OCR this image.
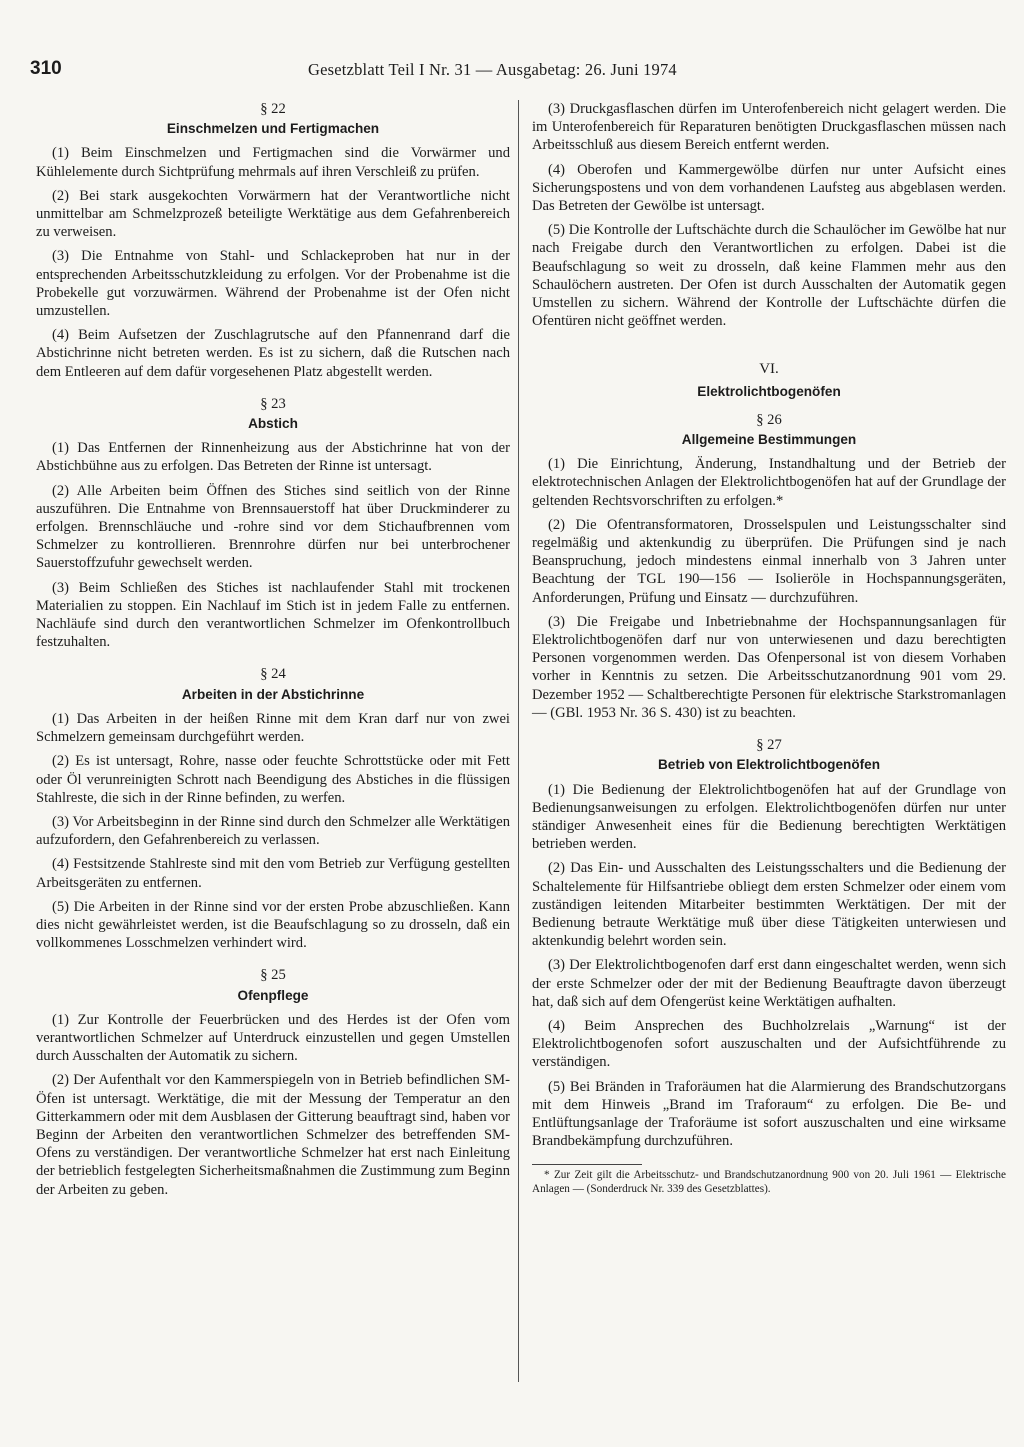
310	Gesetzblatt Teil I Nr. 31 — Ausgabetag: 26. Juni 1974

§ 22

Einschmelzen und Fertigmachen

(1) Beim Einschmelzen und Fertigmachen sind die Vorwärmer und Kühlelemente durch Sichtprüfung mehrmals auf ihren Verschleiß zu prüfen.

(2) Bei stark ausgekochten Vorwärmern hat der Verantwortliche nicht unmittelbar am Schmelzprozeß beteiligte Werktätige aus dem Gefahrenbereich zu verweisen.

(3) Die Entnahme von Stahl- und Schlackeproben hat nur in der entsprechenden Arbeitsschutzkleidung zu erfolgen. Vor der Probenahme ist die Probekelle gut vorzuwärmen. Während der Probenahme ist der Ofen nicht umzustellen.

(4) Beim Aufsetzen der Zuschlagrutsche auf den Pfannenrand darf die Abstichrinne nicht betreten werden. Es ist zu sichern, daß die Rutschen nach dem Entleeren auf dem dafür vorgesehenen Platz abgestellt werden.

§ 23

Abstich

(1) Das Entfernen der Rinnenheizung aus der Abstichrinne hat von der Abstichbühne aus zu erfolgen. Das Betreten der Rinne ist untersagt.

(2) Alle Arbeiten beim Öffnen des Stiches sind seitlich von der Rinne auszuführen. Die Entnahme von Brennsauerstoff hat über Druckminderer zu erfolgen. Brennschläuche und -rohre sind vor dem Stichaufbrennen vom Schmelzer zu kontrollieren. Brennrohre dürfen nur bei unterbrochener Sauerstoffzufuhr gewechselt werden.

(3) Beim Schließen des Stiches ist nachlaufender Stahl mit trockenen Materialien zu stoppen. Ein Nachlauf im Stich ist in jedem Falle zu entfernen. Nachläufe sind durch den verantwortlichen Schmelzer im Ofenkontrollbuch festzuhalten.

§ 24

Arbeiten in der Abstichrinne

(1) Das Arbeiten in der heißen Rinne mit dem Kran darf nur von zwei Schmelzern gemeinsam durchgeführt werden.

(2) Es ist untersagt, Rohre, nasse oder feuchte Schrottstücke oder mit Fett oder Öl verunreinigten Schrott nach Beendigung des Abstiches in die flüssigen Stahlreste, die sich in der Rinne befinden, zu werfen.

(3) Vor Arbeitsbeginn in der Rinne sind durch den Schmelzer alle Werktätigen aufzufordern, den Gefahrenbereich zu verlassen.

(4) Festsitzende Stahlreste sind mit den vom Betrieb zur Verfügung gestellten Arbeitsgeräten zu entfernen.

(5) Die Arbeiten in der Rinne sind vor der ersten Probe abzuschließen. Kann dies nicht gewährleistet werden, ist die Beaufschlagung so zu drosseln, daß ein vollkommenes Losschmelzen verhindert wird.

§ 25

Ofenpflege

(1) Zur Kontrolle der Feuerbrücken und des Herdes ist der Ofen vom verantwortlichen Schmelzer auf Unterdruck einzustellen und gegen Umstellen durch Ausschalten der Automatik zu sichern.

(2) Der Aufenthalt vor den Kammerspiegeln von in Betrieb befindlichen SM-Öfen ist untersagt. Werktätige, die mit der Messung der Temperatur an den Gitterkammern oder mit dem Ausblasen der Gitterung beauftragt sind, haben vor Beginn der Arbeiten den verantwortlichen Schmelzer des betreffenden SM-Ofens zu verständigen. Der verantwortliche Schmelzer hat erst nach Einleitung der betrieblich festgelegten Sicherheitsmaßnahmen die Zustimmung zum Beginn der Arbeiten zu geben.

(3) Druckgasflaschen dürfen im Unterofenbereich nicht gelagert werden. Die im Unterofenbereich für Reparaturen benötigten Druckgasflaschen müssen nach Arbeitsschluß aus diesem Bereich entfernt werden.

(4) Oberofen und Kammergewölbe dürfen nur unter Aufsicht eines Sicherungspostens und von dem vorhandenen Laufsteg aus abgeblasen werden. Das Betreten der Gewölbe ist untersagt.

(5) Die Kontrolle der Luftschächte durch die Schaulöcher im Gewölbe hat nur nach Freigabe durch den Verantwortlichen zu erfolgen. Dabei ist die Beaufschlagung so weit zu drosseln, daß keine Flammen mehr aus den Schaulöchern austreten. Der Ofen ist durch Ausschalten der Automatik gegen Umstellen zu sichern. Während der Kontrolle der Luftschächte dürfen die Ofentüren nicht geöffnet werden.

VI.

Elektrolichtbogenöfen

§ 26

Allgemeine Bestimmungen

(1) Die Einrichtung, Änderung, Instandhaltung und der Betrieb der elektrotechnischen Anlagen der Elektrolichtbogenöfen hat auf der Grundlage der geltenden Rechtsvorschriften zu erfolgen.*

(2) Die Ofentransformatoren, Drosselspulen und Leistungsschalter sind regelmäßig und aktenkundig zu überprüfen. Die Prüfungen sind je nach Beanspruchung, jedoch mindestens einmal innerhalb von 3 Jahren unter Beachtung der TGL 190—156 — Isolieröle in Hochspannungsgeräten, Anforderungen, Prüfung und Einsatz — durchzuführen.

(3) Die Freigabe und Inbetriebnahme der Hochspannungsanlagen für Elektrolichtbogenöfen darf nur von unterwiesenen und dazu berechtigten Personen vorgenommen werden. Das Ofenpersonal ist von diesem Vorhaben vorher in Kenntnis zu setzen. Die Arbeitsschutzanordnung 901 vom 29. Dezember 1952 — Schaltberechtigte Personen für elektrische Starkstromanlagen — (GBl. 1953 Nr. 36 S. 430) ist zu beachten.

§ 27

Betrieb von Elektrolichtbogenöfen

(1) Die Bedienung der Elektrolichtbogenöfen hat auf der Grundlage von Bedienungsanweisungen zu erfolgen. Elektrolichtbogenöfen dürfen nur unter ständiger Anwesenheit eines für die Bedienung berechtigten Werktätigen betrieben werden.

(2) Das Ein- und Ausschalten des Leistungsschalters und die Bedienung der Schaltelemente für Hilfsantriebe obliegt dem ersten Schmelzer oder einem vom zuständigen leitenden Mitarbeiter bestimmten Werktätigen. Der mit der Bedienung betraute Werktätige muß über diese Tätigkeiten unterwiesen und aktenkundig belehrt worden sein.

(3) Der Elektrolichtbogenofen darf erst dann eingeschaltet werden, wenn sich der erste Schmelzer oder der mit der Bedienung Beauftragte davon überzeugt hat, daß sich auf dem Ofengerüst keine Werktätigen aufhalten.

(4) Beim Ansprechen des Buchholzrelais „Warnung“ ist der Elektrolichtbogenofen sofort auszuschalten und der Aufsichtführende zu verständigen.

(5) Bei Bränden in Traforäumen hat die Alarmierung des Brandschutzorgans mit dem Hinweis „Brand im Traforaum“ zu erfolgen. Die Be- und Entlüftungsanlage der Traforäume ist sofort auszuschalten und eine wirksame Brandbekämpfung durchzuführen.

* Zur Zeit gilt die Arbeitsschutz- und Brandschutzanordnung 900 von 20. Juli 1961 — Elektrische Anlagen — (Sonderdruck Nr. 339 des Gesetzblattes).
